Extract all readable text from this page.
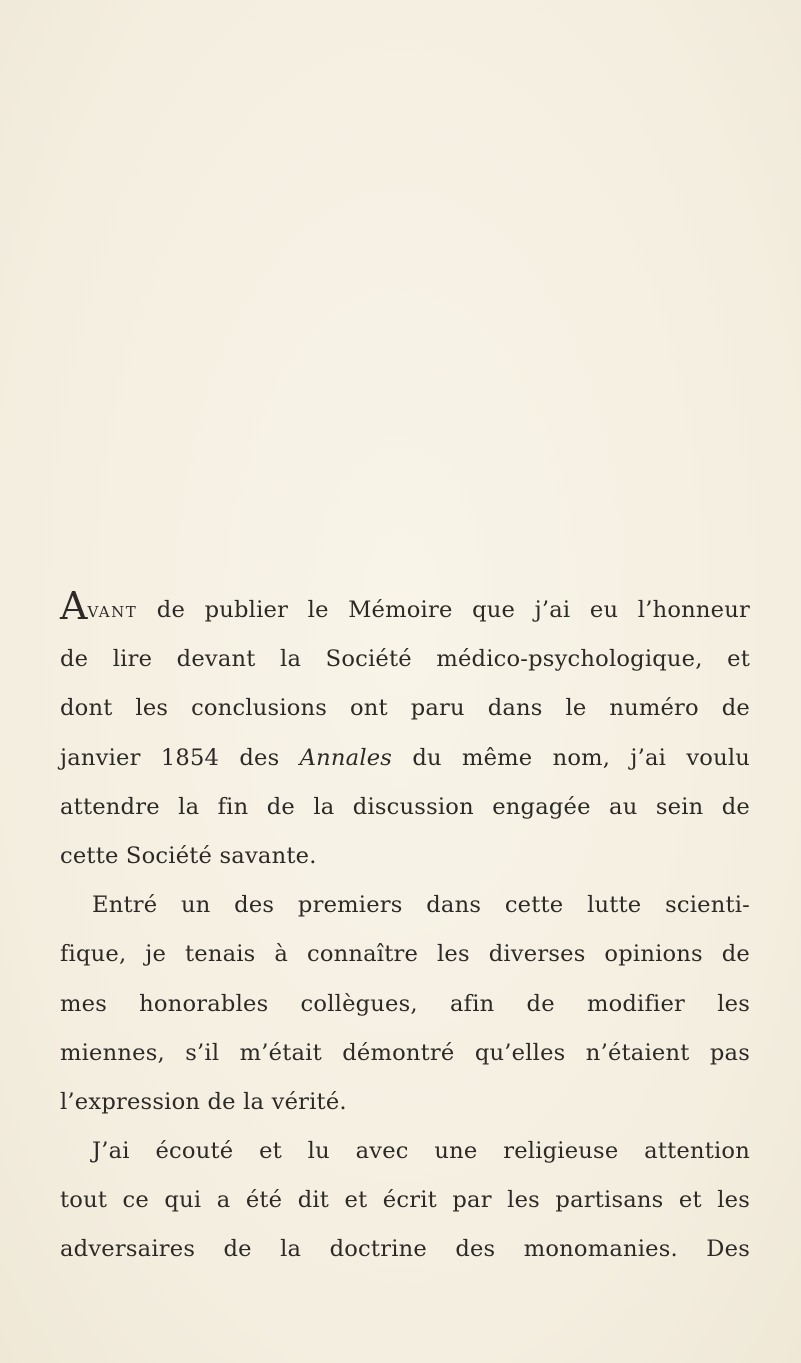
AVANT de publier le Mémoire que j’ai eu l’honneur
de lire devant la Société médico-psychologique, et
dont les conclusions ont paru dans le numéro de
janvier 1854 des Annales du même nom, j’ai voulu
attendre la fin de la discussion engagée au sein de
cette Société savante.
Entré un des premiers dans cette lutte scienti-
fique, je tenais à connaître les diverses opinions de
mes honorables collègues, afin de modifier les
miennes, s’il m’était démontré qu’elles n’étaient pas
l’expression de la vérité.
J’ai écouté et lu avec une religieuse attention
tout ce qui a été dit et écrit par les partisans et les
adversaires de la doctrine des monomanies. Des
